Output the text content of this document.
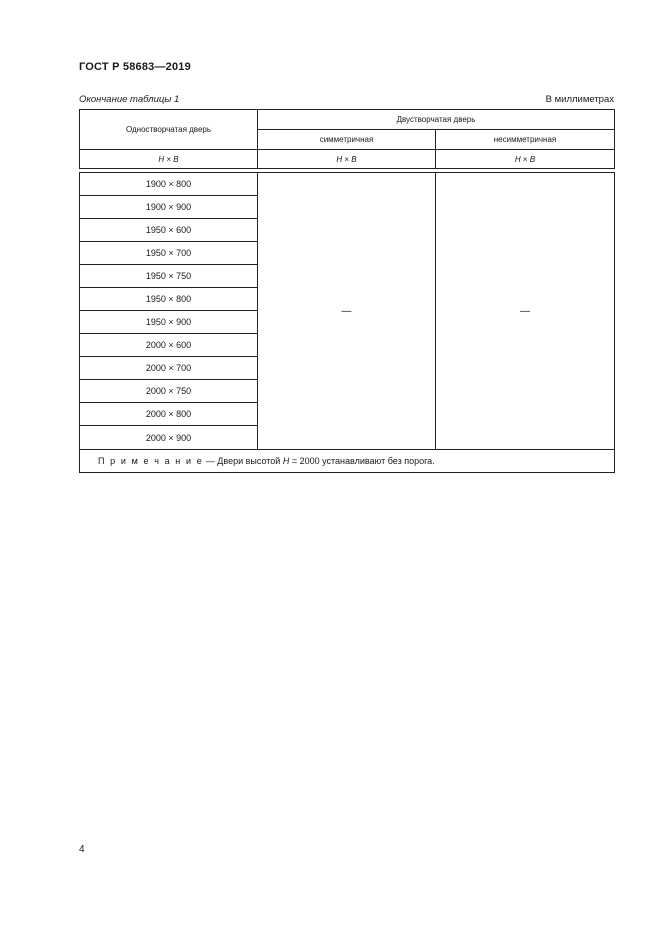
ГОСТ Р 58683—2019
Окончание таблицы 1	В миллиметрах
Одностворчатая дверь	Двустворчатая дверь	
	симметричная	несимметричная
H × B	H × B	H × B

1900 × 800	—	—
1900 × 900		
1950 × 600		
1950 × 700		
1950 × 750		
1950 × 800		
1950 × 900		
2000 × 600		
2000 × 700		
2000 × 750		
2000 × 800		
2000 × 900		
П р и м е ч а н и е — Двери высотой H = 2000 устанавливают без порога.		
4
